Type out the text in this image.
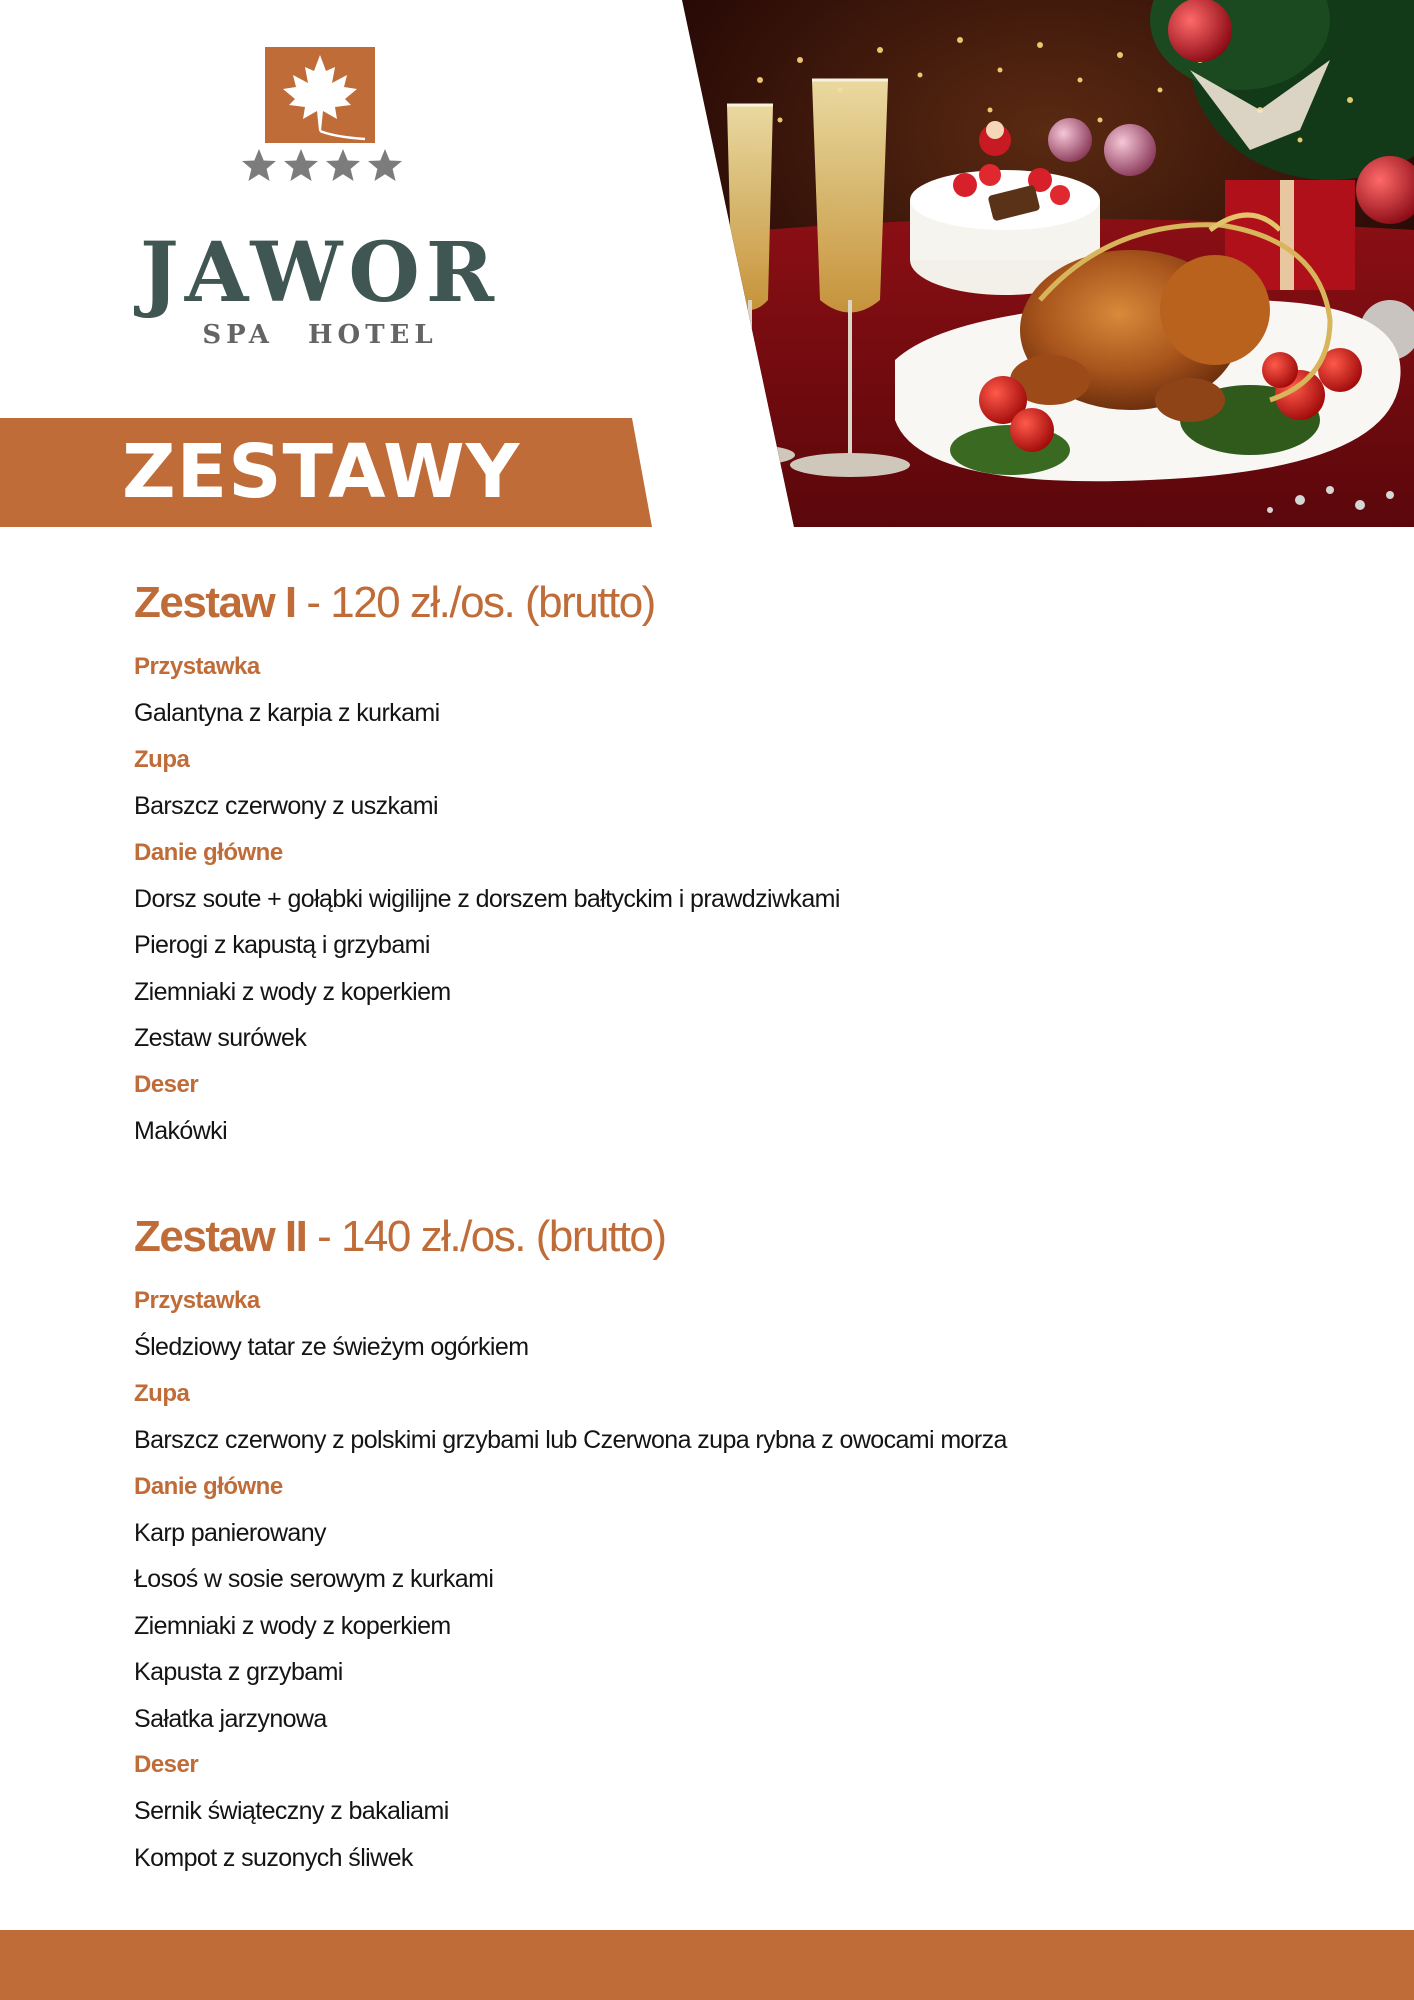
JAWOR
SPA HOTEL
ZESTAWY
Zestaw I - 120 zł./os. (brutto)
Przystawka
Galantyna z karpia z kurkami
Zupa
Barszcz czerwony z uszkami
Danie główne
Dorsz soute + gołąbki wigilijne z dorszem bałtyckim i prawdziwkami
Pierogi z kapustą i grzybami
Ziemniaki z wody z koperkiem
Zestaw surówek
Deser
Makówki
Zestaw II - 140 zł./os. (brutto)
Przystawka
Śledziowy tatar ze świeżym ogórkiem
Zupa
Barszcz czerwony z polskimi grzybami lub Czerwona zupa rybna z owocami morza
Danie główne
Karp panierowany
Łosoś w sosie serowym z kurkami
Ziemniaki z wody z koperkiem
Kapusta z grzybami
Sałatka jarzynowa
Deser
Sernik świąteczny z bakaliami
Kompot z suzonych śliwek
